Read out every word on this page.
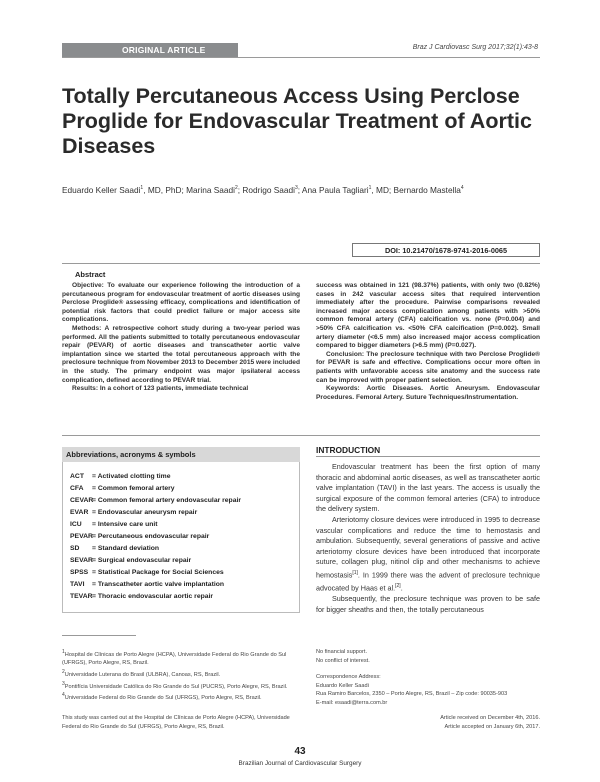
ORIGINAL ARTICLE	Braz J Cardiovasc Surg 2017;32(1):43-8
Totally Percutaneous Access Using Perclose Proglide for Endovascular Treatment of Aortic Diseases
Eduardo Keller Saadi$^1$, MD, PhD; Marina Saadi$^2$; Rodrigo Saadi$^3$; Ana Paula Tagliari$^1$, MD; Bernardo Mastella$^4$
DOI: 10.21470/1678-9741-2016-0065
Abstract

Objective: To evaluate our experience following the introduction of a percutaneous program for endovascular treatment of aortic diseases using Perclose Proglide® assessing efficacy, complications and identification of potential risk factors that could predict failure or major access site complications.

Methods: A retrospective cohort study during a two-year period was performed. All the patients submitted to totally percutaneous endovascular repair (PEVAR) of aortic diseases and transcatheter aortic valve implantation since we started the total percutaneous approach with the preclosure technique from November 2013 to December 2015 were included in the study. The primary endpoint was major ipsilateral access complication, defined according to PEVAR trial.

Results: In a cohort of 123 patients, immediate technical

success was obtained in 121 (98.37%) patients, with only two (0.82%) cases in 242 vascular access sites that required intervention immediately after the procedure. Pairwise comparisons revealed increased major access complication among patients with >50% common femoral artery (CFA) calcification vs. none (P=0.004) and >50% CFA calcification vs. <50% CFA calcification (P=0.002). Small artery diameter (<6.5 mm) also increased major access complication compared to bigger diameters (>6.5 mm) (P=0.027).

Conclusion: The preclosure technique with two Perclose Proglide® for PEVAR is safe and effective. Complications occur more often in patients with unfavorable access site anatomy and the success rate can be improved with proper patient selection.

Keywords: Aortic Diseases. Aortic Aneurysm. Endovascular Procedures. Femoral Artery. Suture Techniques/Instrumentation.

Abbreviations, acronyms & symbols
ACT = Activated clotting time
CFA = Common femoral artery
CEVAR= Common femoral artery endovascular repair
EVAR = Endovascular aneurysm repair
ICU = Intensive care unit
PEVAR= Percutaneous endovascular repair
SD = Standard deviation
SEVAR= Surgical endovascular repair
SPSS = Statistical Package for Social Sciences
TAVI = Transcatheter aortic valve implantation
TEVAR= Thoracic endovascular aortic repair
INTRODUCTION

Endovascular treatment has been the first option of many thoracic and abdominal aortic diseases, as well as transcatheter aortic valve implantation (TAVI) in the last years. The access is usually the surgical exposure of the common femoral arteries (CFA) to introduce the delivery system.

Arteriotomy closure devices were introduced in 1995 to decrease vascular complications and reduce the time to hemostasis and ambulation. Subsequently, several generations of passive and active arteriotomy closure devices have been introduced that incorporate suture, collagen plug, nitinol clip and other mechanisms to achieve hemostasis[1]. In 1999 there was the advent of preclosure technique advocated by Haas et al.[2].

Subsequently, the preclosure technique was proven to be safe for bigger sheaths and then, the totally percutaneous

$^1$Hospital de Clínicas de Porto Alegre (HCPA), Universidade Federal do Rio Grande do Sul (UFRGS), Porto Alegre, RS, Brazil.
$^2$Universidade Luterana do Brasil (ULBRA), Canoas, RS, Brazil.
$^3$Pontifícia Universidade Católica do Rio Grande do Sul (PUCRS), Porto Alegre, RS, Brazil.
$^4$Universidade Federal do Rio Grande do Sul (UFRGS), Porto Alegre, RS, Brazil.
This study was carried out at the Hospital de Clínicas de Porto Alegre (HCPA), Universidade Federal do Rio Grande do Sul (UFRGS), Porto Alegre, RS, Brazil.
No financial support.
No conflict of interest.
Correspondence Address:
Eduardo Keller Saadi
Rua Ramiro Barcelos, 2350 – Porto Alegre, RS, Brazil – Zip code: 90035-903
E-mail: esaadi@terra.com.br
Article received on December 4th, 2016.
Article accepted on January 6th, 2017.
43
Brazilian Journal of Cardiovascular Surgery
